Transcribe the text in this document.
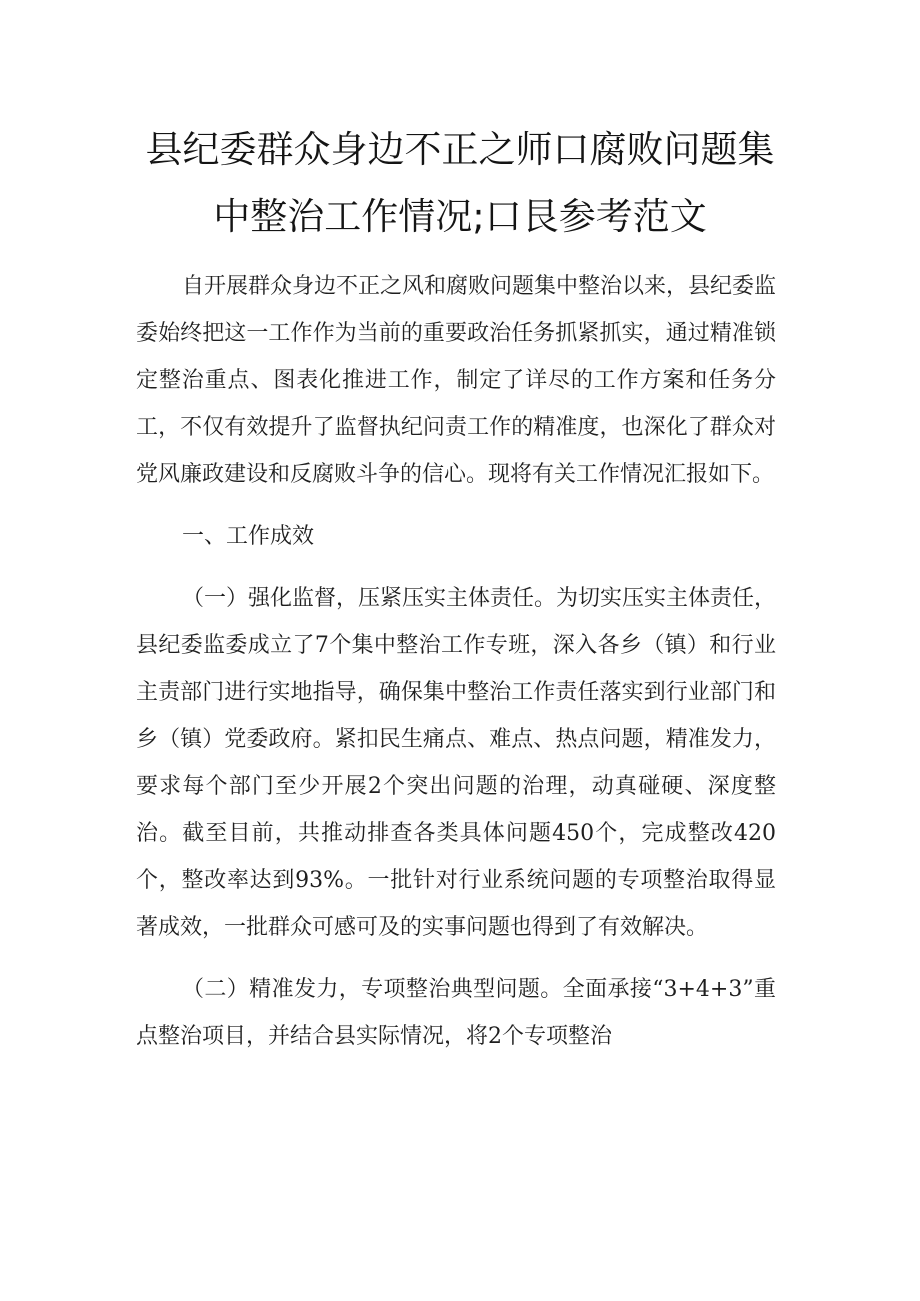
县纪委群众身边不正之师口腐败问题集
中整治工作情况;口艮参考范文

自开展群众身边不正之风和腐败问题集中整治以来，县纪委监委始终把这一工作作为当前的重要政治任务抓紧抓实，通过精准锁定整治重点、图表化推进工作，制定了详尽的工作方案和任务分工，不仅有效提升了监督执纪问责工作的精准度，也深化了群众对党风廉政建设和反腐败斗争的信心。现将有关工作情况汇报如下。

一、工作成效

（一）强化监督，压紧压实主体责任。为切实压实主体责任，县纪委监委成立了7个集中整治工作专班，深入各乡（镇）和行业主责部门进行实地指导，确保集中整治工作责任落实到行业部门和乡（镇）党委政府。紧扣民生痛点、难点、热点问题，精准发力，要求每个部门至少开展2个突出问题的治理，动真碰硬、深度整治。截至目前，共推动排查各类具体问题450个，完成整改420个，整改率达到93%。一批针对行业系统问题的专项整治取得显著成效，一批群众可感可及的实事问题也得到了有效解决。

（二）精准发力，专项整治典型问题。全面承接“3+4+3”重点整治项目，并结合县实际情况，将2个专项整治
